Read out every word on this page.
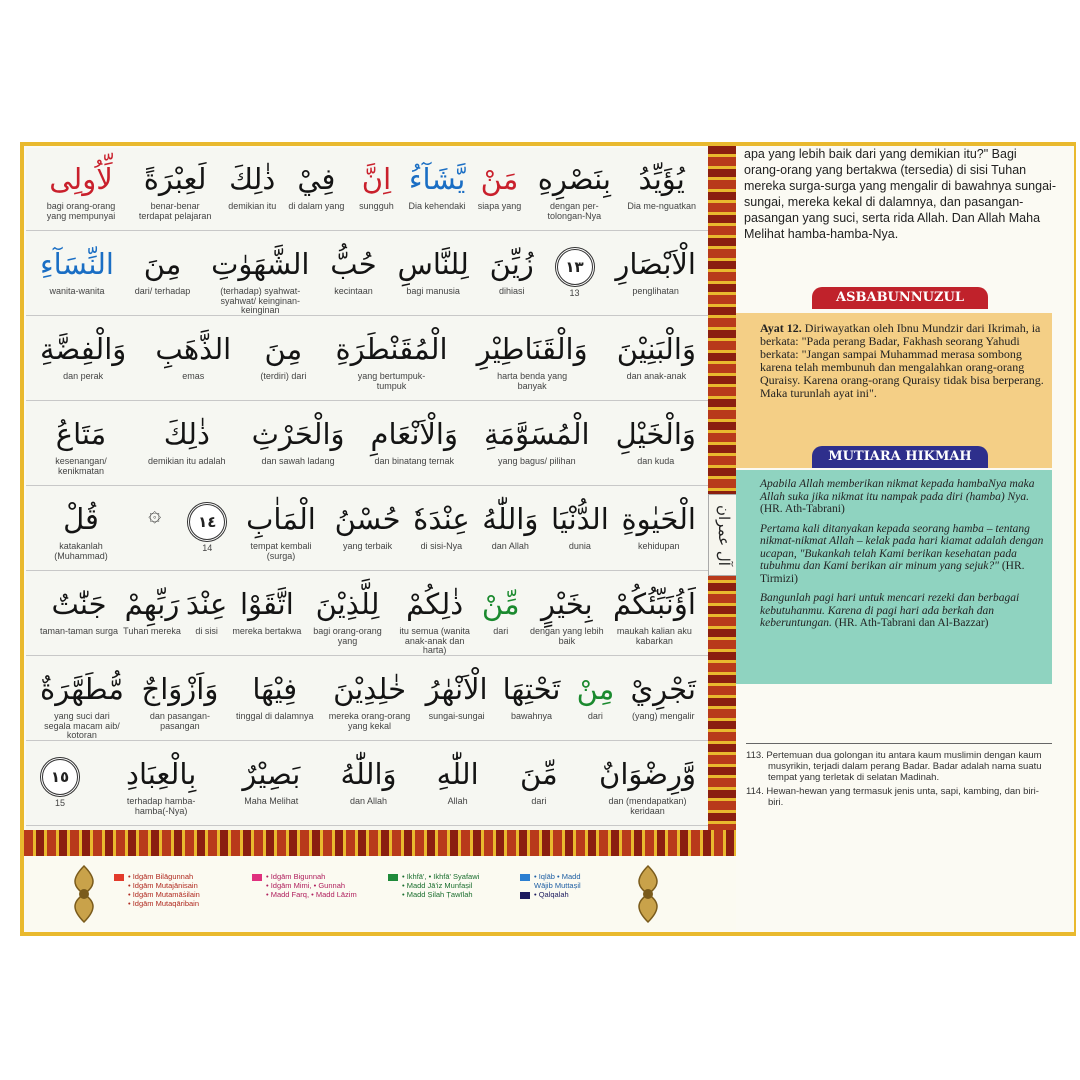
يُؤَيِّدُ
Dia me-nguatkan
بِنَصْرِهِ
dengan per-tolongan-Nya
مَنْ
siapa yang
يَّشَآءُ
Dia kehendaki
اِنَّ
sungguh
فِيْ
di dalam yang
ذٰلِكَ
demikian itu
لَعِبْرَةً
benar-benar terdapat pelajaran
لِّاُولِى
bagi orang-orang yang mempunyai
الْاَبْصَارِ
penglihatan
١٣
13
زُيِّنَ
dihiasi
لِلنَّاسِ
bagi manusia
حُبُّ
kecintaan
الشَّهَوٰتِ
(terhadap) syahwat-syahwat/ keinginan-keinginan
مِنَ
dari/ terhadap
النِّسَآءِ
wanita-wanita
وَالْبَنِيْنَ
dan anak-anak
وَالْقَنَاطِيْرِ
harta benda yang banyak
الْمُقَنْطَرَةِ
yang bertumpuk-tumpuk
مِنَ
(terdiri) dari
الذَّهَبِ
emas
وَالْفِضَّةِ
dan perak
وَالْخَيْلِ
dan kuda
الْمُسَوَّمَةِ
yang bagus/ pilihan
وَالْاَنْعَامِ
dan binatang ternak
وَالْحَرْثِ
dan sawah ladang
ذٰلِكَ
demikian itu adalah
مَتَاعُ
kesenangan/ kenikmatan
الْحَيٰوةِ
kehidupan
الدُّنْيَا
dunia
وَاللّٰهُ
dan Allah
عِنْدَهٗ
di sisi-Nya
حُسْنُ
yang terbaik
الْمَاٰبِ
tempat kembali (surga)
١٤
14
۞
قُلْ
katakanlah (Muhammad)
اَؤُنَبِّئُكُمْ
maukah kalian aku kabarkan
بِخَيْرٍ
dengan yang lebih baik
مِّنْ
dari
ذٰلِكُمْ
itu semua (wanita anak-anak dan harta)
لِلَّذِيْنَ
bagi orang-orang yang
اتَّقَوْا
mereka bertakwa
عِنْدَ
di sisi
رَبِّهِمْ
Tuhan mereka
جَنّٰتٌ
taman-taman surga
تَجْرِيْ
(yang) mengalir
مِنْ
dari
تَحْتِهَا
bawahnya
الْاَنْهٰرُ
sungai-sungai
خٰلِدِيْنَ
mereka orang-orang yang kekal
فِيْهَا
tinggal di dalamnya
وَاَزْوَاجٌ
dan pasangan-pasangan
مُّطَهَّرَةٌ
yang suci dari segala macam aib/ kotoran
وَّرِضْوَانٌ
dan (mendapatkan) keridaan
مِّنَ
dari
اللّٰهِ
Allah
وَاللّٰهُ
dan Allah
بَصِيْرٌ
Maha Melihat
بِالْعِبَادِ
terhadap hamba-hamba(-Nya)
١٥
15
آل عمران
• Idgām Bilāgunnah
• Idgām Mutajānisain
• Idgām Mutamāṡilain
• Idgām Mutaqāribain
• Idgām Bigunnah
• Idgām Mimi, • Gunnah
• Madd Farq, • Madd Lāzim
• Ikhfā', • Ikhfā' Syafawi
• Madd Jā'iz Munfaṣil
• Madd Ṣilah Ṭawīlah
• Iqlāb • Madd
Wājib Muttaṣil
• Qalqalah
apa yang lebih baik dari yang demikian itu?" Bagi orang-orang yang bertakwa (tersedia) di sisi Tuhan mereka surga-surga yang mengalir di bawahnya sungai-sungai, mereka kekal di dalamnya, dan pasangan-pasangan yang suci, serta rida Allah. Dan Allah Maha Melihat hamba-hamba-Nya.
ASBABUNNUZUL
Ayat 12. Diriwayatkan oleh Ibnu Mundzir dari Ikrimah, ia berkata: "Pada perang Badar, Fakhash seorang Yahudi berkata: "Jangan sampai Muhammad merasa sombong karena telah membunuh dan mengalahkan orang-orang Quraisy. Karena orang-orang Quraisy tidak bisa berperang. Maka turunlah ayat ini".
MUTIARA HIKMAH

Apabila Allah memberikan nikmat kepada hambaNya maka Allah suka jika nikmat itu nampak pada diri (hamba) Nya. (HR. Ath-Tabrani)

Pertama kali ditanyakan kepada seorang hamba – tentang nikmat-nikmat Allah – kelak pada hari kiamat adalah dengan ucapan, "Bukankah telah Kami berikan kesehatan pada tubuhmu dan Kami berikan air minum yang sejuk?" (HR. Tirmizi)

Bangunlah pagi hari untuk mencari rezeki dan berbagai kebutuhanmu. Karena di pagi hari ada berkah dan keberuntungan. (HR. Ath-Tabrani dan Al-Bazzar)

113. Pertemuan dua golongan itu antara kaum muslimin dengan kaum musyrikin, terjadi dalam perang Badar. Badar adalah nama suatu tempat yang terletak di selatan Madinah.
114. Hewan-hewan yang termasuk jenis unta, sapi, kambing, dan biri-biri.
